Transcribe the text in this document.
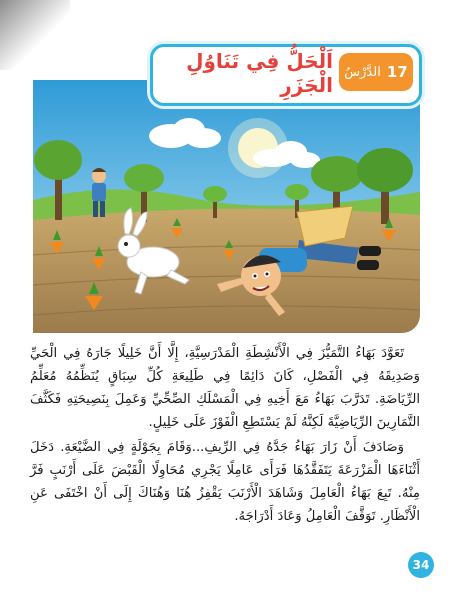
الدَّرْسُ 17
اَلْحَلُّ فِي تَنَاوُلِ الْجَزَرِ

تَعَوَّدَ بَهَاءُ التَّمَيُّزَ فِي الْأَنْشِطَةِ الْمَدْرَسِيَّةِ، إِلَّا أَنَّ خَلِيلًا جَارَهُ فِي الْحَيِّ وَصَدِيقَهُ فِي الْفَصْلِ، كَانَ دَائِمًا فِي طَلِيعَةِ كُلِّ سِبَاقٍ يُنَظِّمُهُ مُعَلِّمُ الرِّيَاضَةِ. تَدَرَّبَ بَهَاءُ مَعَ أَخِيهِ فِي الْمَسْلَكِ الصِّحِّيِّ وَعَمِلَ بِنَصِيحَتِهِ فَكَثَّفَ التَّمَارِينَ الرِّيَاضِيَّةَ لَكِنَّهُ لَمْ يَسْتَطِعِ الْفَوْزَ عَلَى خَلِيلٍ.

وَصَادَفَ أَنْ زَارَ بَهَاءُ جَدَّهُ فِي الرِّيفِ...وَقَامَ بِجَوْلَةٍ فِي الضَّيْعَةِ. دَخَلَ أَثْنَاءَهَا الْمَزْرَعَةَ يَتَفَقَّدُهَا فَرَأَى عَامِلًا يَجْرِي مُحَاوِلًا الْقَبْضَ عَلَى أَرْنَبٍ فَرَّ مِنْهُ. تَبِعَ بَهَاءُ الْعَامِلَ وَشَاهَدَ الْأَرْنَبَ يَقْفِزُ هُنَا وَهُنَاكَ إِلَى أَنْ اخْتَفَى عَنِ الْأَنْظَارِ. تَوَقَّفَ الْعَامِلُ وَعَادَ أَدْرَاجَهُ.

34
